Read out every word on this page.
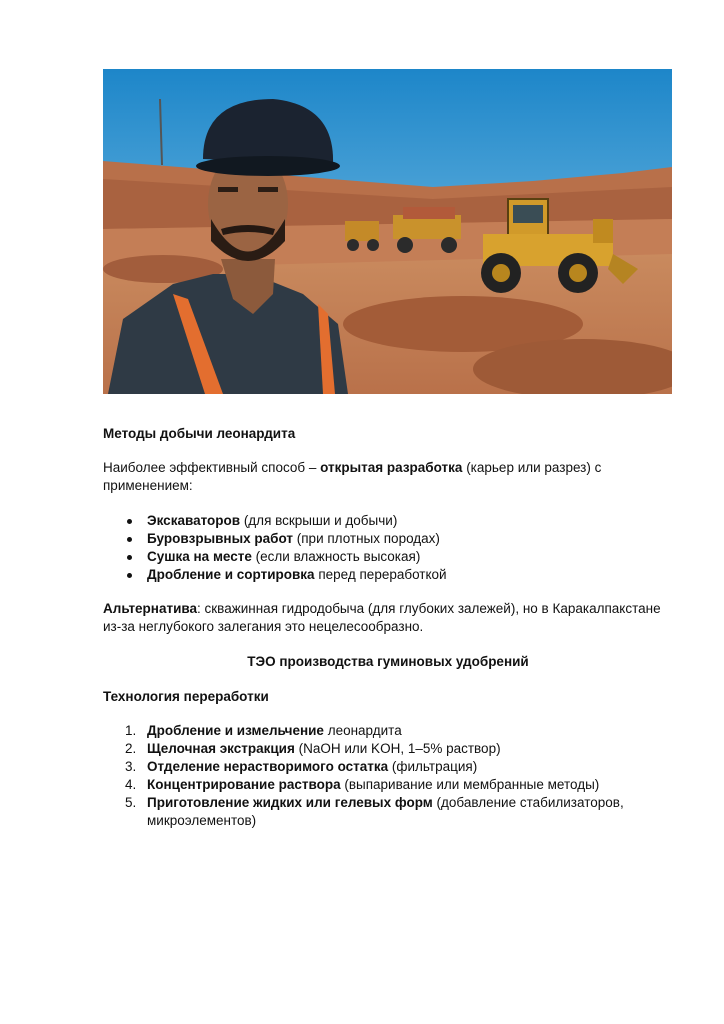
Методы добычи леонардита
Наиболее эффективный способ – открытая разработка (карьер или разрез) с применением:
Экскаваторов (для вскрыши и добычи)
Буровзрывных работ (при плотных породах)
Сушка на месте (если влажность высокая)
Дробление и сортировка перед переработкой
Альтернатива: скважинная гидродобыча (для глубоких залежей), но в Каракалпакстане из-за неглубокого залегания это нецелесообразно.
ТЭО производства гуминовых удобрений
Технология переработки
1. Дробление и измельчение леонардита
2. Щелочная экстракция (NaOH или KOH, 1–5% раствор)
3. Отделение нерастворимого остатка (фильтрация)
4. Концентрирование раствора (выпаривание или мембранные методы)
5. Приготовление жидких или гелевых форм (добавление стабилизаторов, микроэлементов)
